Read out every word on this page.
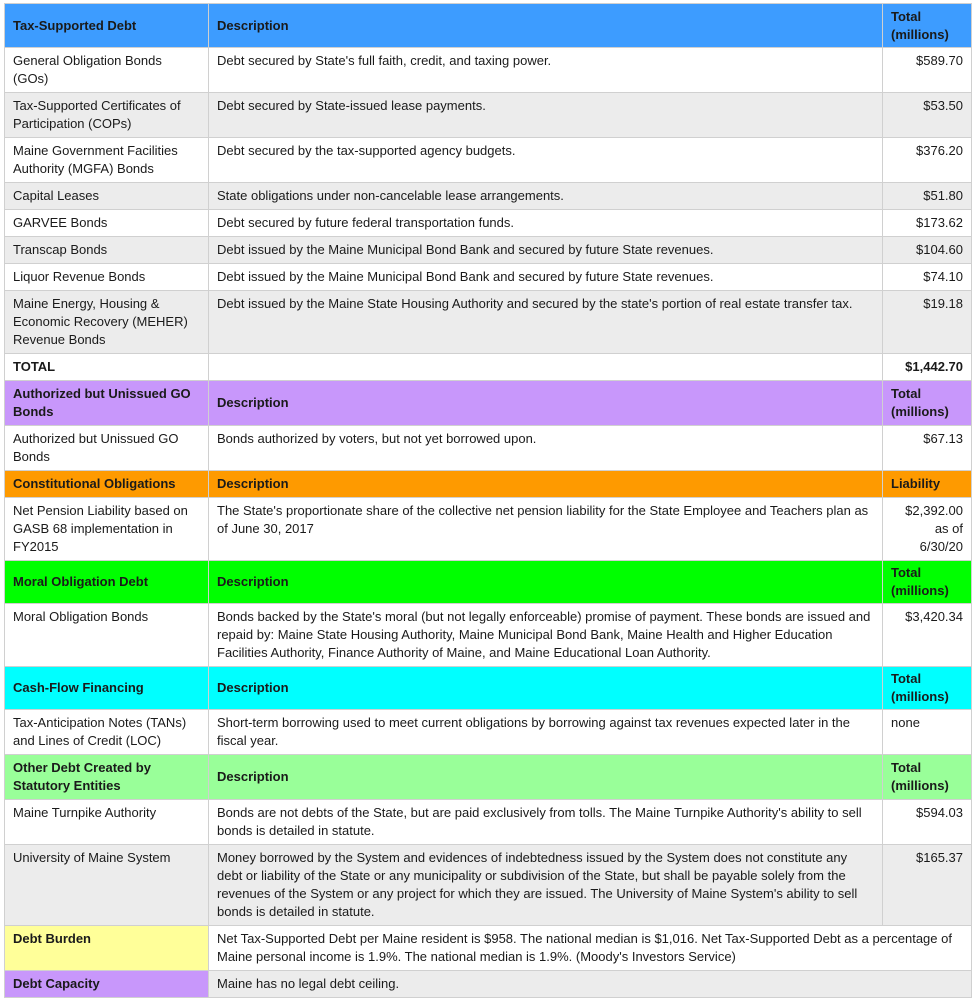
Tax-Supported Debt	Description	Total (millions)
General Obligation Bonds (GOs)	Debt secured by State's full faith, credit, and taxing power.	$589.70
Tax-Supported Certificates of Participation (COPs)	Debt secured by State-issued lease payments.	$53.50
Maine Government Facilities Authority (MGFA) Bonds	Debt secured by the tax-supported agency budgets.	$376.20
Capital Leases	State obligations under non-cancelable lease arrangements.	$51.80
GARVEE Bonds	Debt secured by future federal transportation funds.	$173.62
Transcap Bonds	Debt issued by the Maine Municipal Bond Bank and secured by future State revenues.	$104.60
Liquor Revenue Bonds	Debt issued by the Maine Municipal Bond Bank and secured by future State revenues.	$74.10
Maine Energy, Housing & Economic Recovery (MEHER) Revenue Bonds	Debt issued by the Maine State Housing Authority and secured by the state's portion of real estate transfer tax.	$19.18
TOTAL		$1,442.70
Authorized but Unissued GO Bonds	Description	Total (millions)
Authorized but Unissued GO Bonds	Bonds authorized by voters, but not yet borrowed upon.	$67.13
Constitutional Obligations	Description	Liability
Net Pension Liability based on GASB 68 implementation in FY2015	The State's proportionate share of the collective net pension liability for the State Employee and Teachers plan as of June 30, 2017	$2,392.00 as of 6/30/20
Moral Obligation Debt	Description	Total (millions)
Moral Obligation Bonds	Bonds backed by the State's moral (but not legally enforceable) promise of payment. These bonds are issued and repaid by: Maine State Housing Authority, Maine Municipal Bond Bank, Maine Health and Higher Education Facilities Authority, Finance Authority of Maine, and Maine Educational Loan Authority.	$3,420.34
Cash-Flow Financing	Description	Total (millions)
Tax-Anticipation Notes (TANs) and Lines of Credit (LOC)	Short-term borrowing used to meet current obligations by borrowing against tax revenues expected later in the fiscal year.	none
Other Debt Created by Statutory Entities	Description	Total (millions)
Maine Turnpike Authority	Bonds are not debts of the State, but are paid exclusively from tolls. The Maine Turnpike Authority's ability to sell bonds is detailed in statute.	$594.03
University of Maine System	Money borrowed by the System and evidences of indebtedness issued by the System does not constitute any debt or liability of the State or any municipality or subdivision of the State, but shall be payable solely from the revenues of the System or any project for which they are issued. The University of Maine System's ability to sell bonds is detailed in statute.	$165.37
Debt Burden	Net Tax-Supported Debt per Maine resident is $958. The national median is $1,016. Net Tax-Supported Debt as a percentage of Maine personal income is 1.9%. The national median is 1.9%. (Moody's Investors Service)	
Debt Capacity	Maine has no legal debt ceiling.	
